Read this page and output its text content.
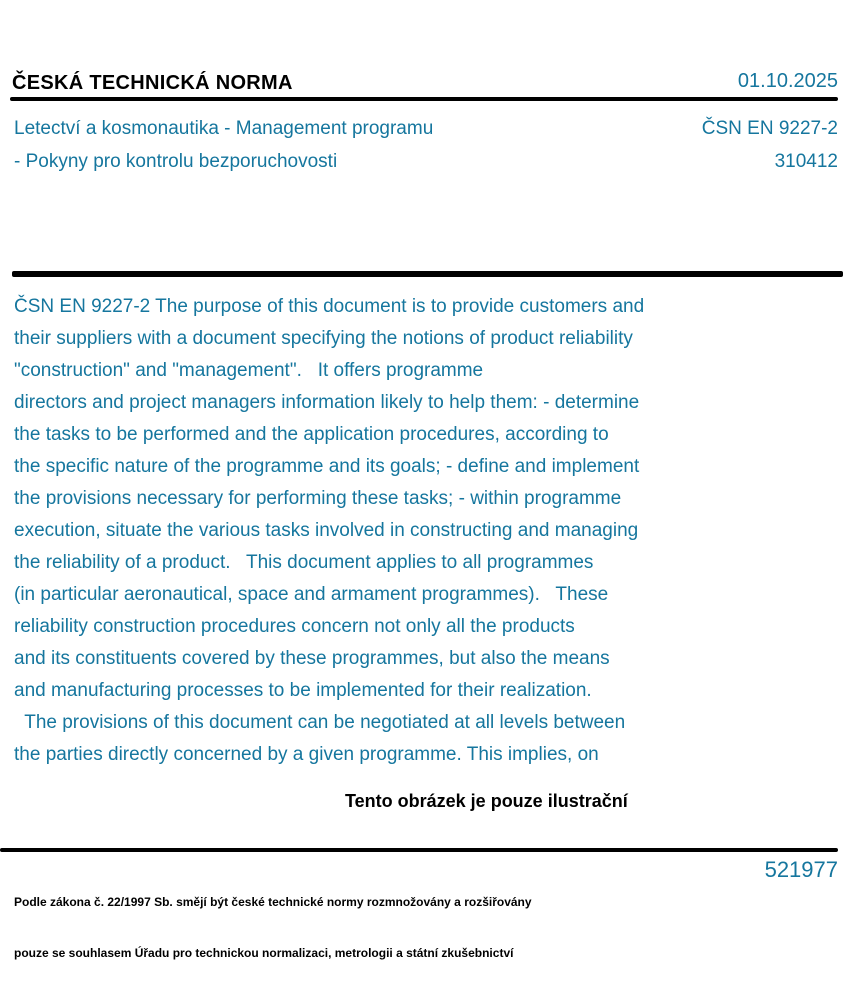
ČESKÁ TECHNICKÁ NORMA	01.10.2025
Letectví a kosmonautika - Management programu
- Pokyny pro kontrolu bezporuchovosti
ČSN EN 9227-2
310412
ČSN EN 9227-2 The purpose of this document is to provide customers and
their suppliers with a document specifying the notions of product reliability
"construction" and "management".   It offers programme
directors and project managers information likely to help them: - determine
the tasks to be performed and the application procedures, according to
the specific nature of the programme and its goals; - define and implement
the provisions necessary for performing these tasks; - within programme
execution, situate the various tasks involved in constructing and managing
the reliability of a product.   This document applies to all programmes
(in particular aeronautical, space and armament programmes).   These
reliability construction procedures concern not only all the products
and its constituents covered by these programmes, but also the means
and manufacturing processes to be implemented for their realization.
The provisions of this document can be negotiated at all levels between
the parties directly concerned by a given programme. This implies, on
Tento obrázek je pouze ilustrační

Podle zákona č. 22/1997 Sb. smějí být české technické normy rozmnožovány a rozšiřovány

pouze se souhlasem Úřadu pro technickou normalizaci, metrologii a státní zkušebnictví

521977
